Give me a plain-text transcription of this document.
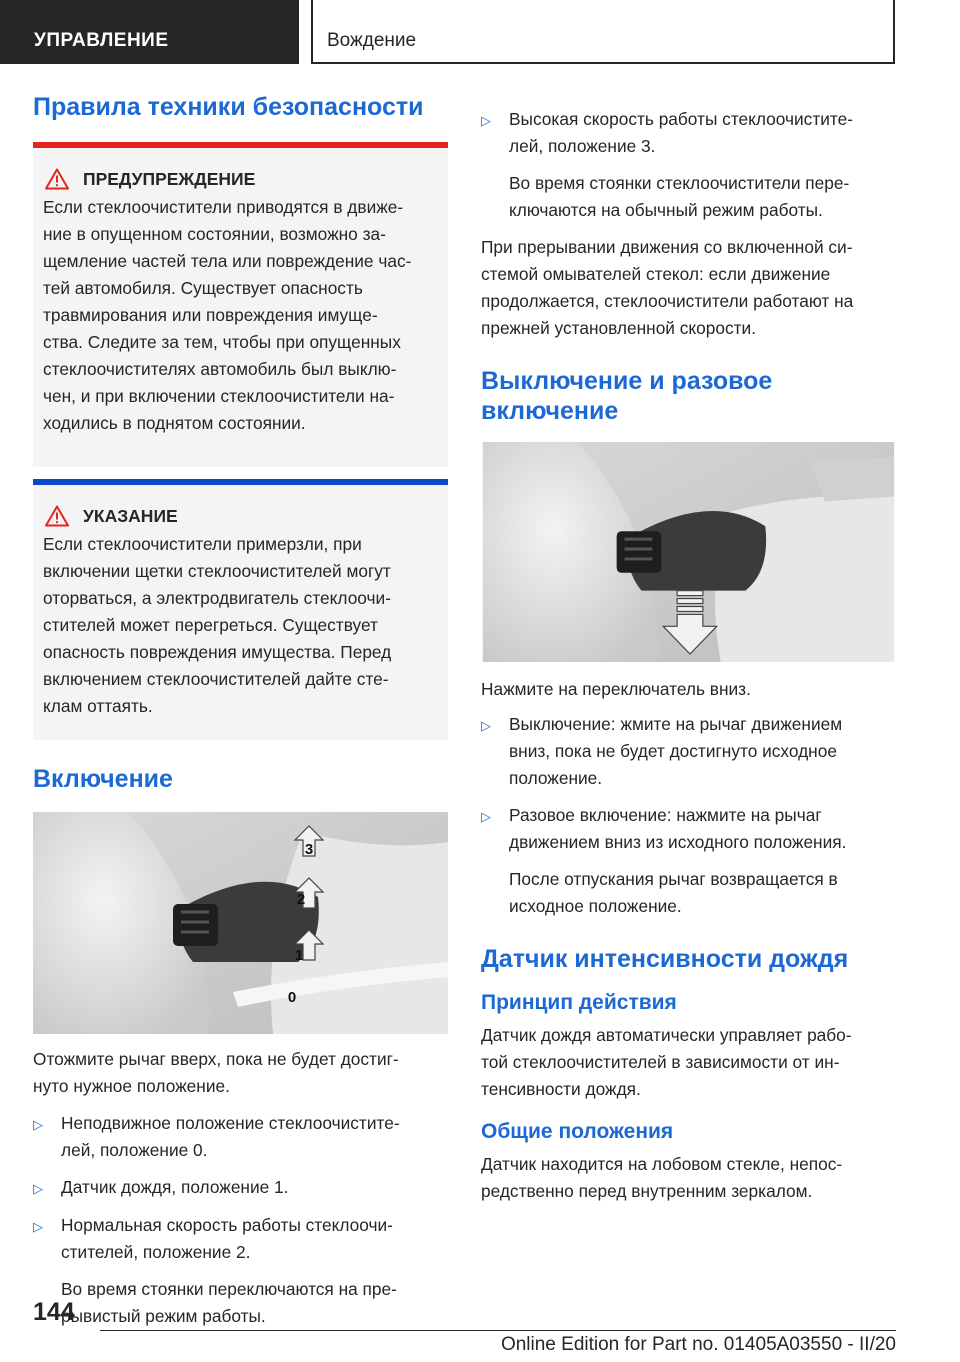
УПРАВЛЕНИЕ	Вождение
Правила техники безопасности
ПРЕДУПРЕЖДЕНИЕ

Если стеклоочистители приводятся в движе-

ние в опущенном состоянии, возможно за-

щемление частей тела или повреждение час-

тей автомобиля. Существует опасность

травмирования или повреждения имуще-

ства. Следите за тем, чтобы при опущенных

стеклоочистителях автомобиль был выклю-

чен, и при включении стеклоочистители на-

ходились в поднятом состоянии.

УКАЗАНИЕ

Если стеклоочистители примерзли, при

включении щетки стеклоочистителей могут

оторваться, а электродвигатель стеклоочи-

стителей может перегреться. Существует

опасность повреждения имущества. Перед

включением стеклоочистителей дайте сте-

клам оттаять.

Включение
3
2
1
0

Отожмите рычаг вверх, пока не будет достиг-

нуто нужное положение.

▷	Неподвижное положение стеклоочистите-

лей, положение 0.

▷	Датчик дождя, положение 1.

▷	Нормальная скорость работы стеклоочи-

стителей, положение 2.

Во время стоянки переключаются на пре-

рывистый режим работы.

▷	Высокая скорость работы стеклоочистите-

лей, положение 3.

Во время стоянки стеклоочистители пере-

ключаются на обычный режим работы.

При прерывании движения со включенной си-

стемой омывателей стекол: если движение

продолжается, стеклоочистители работают на

прежней установленной скорости.

Выключение и разовое
включение

Нажмите на переключатель вниз.

▷	Выключение: жмите на рычаг движением

вниз, пока не будет достигнуто исходное

положение.

▷	Разовое включение: нажмите на рычаг

движением вниз из исходного положения.

После отпускания рычаг возвращается в

исходное положение.

Датчик интенсивности дождя
Принцип действия

Датчик дождя автоматически управляет рабо-

той стеклоочистителей в зависимости от ин-

тенсивности дождя.

Общие положения

Датчик находится на лобовом стекле, непос-

редственно перед внутренним зеркалом.

144
Online Edition for Part no. 01405A03550 - II/20
